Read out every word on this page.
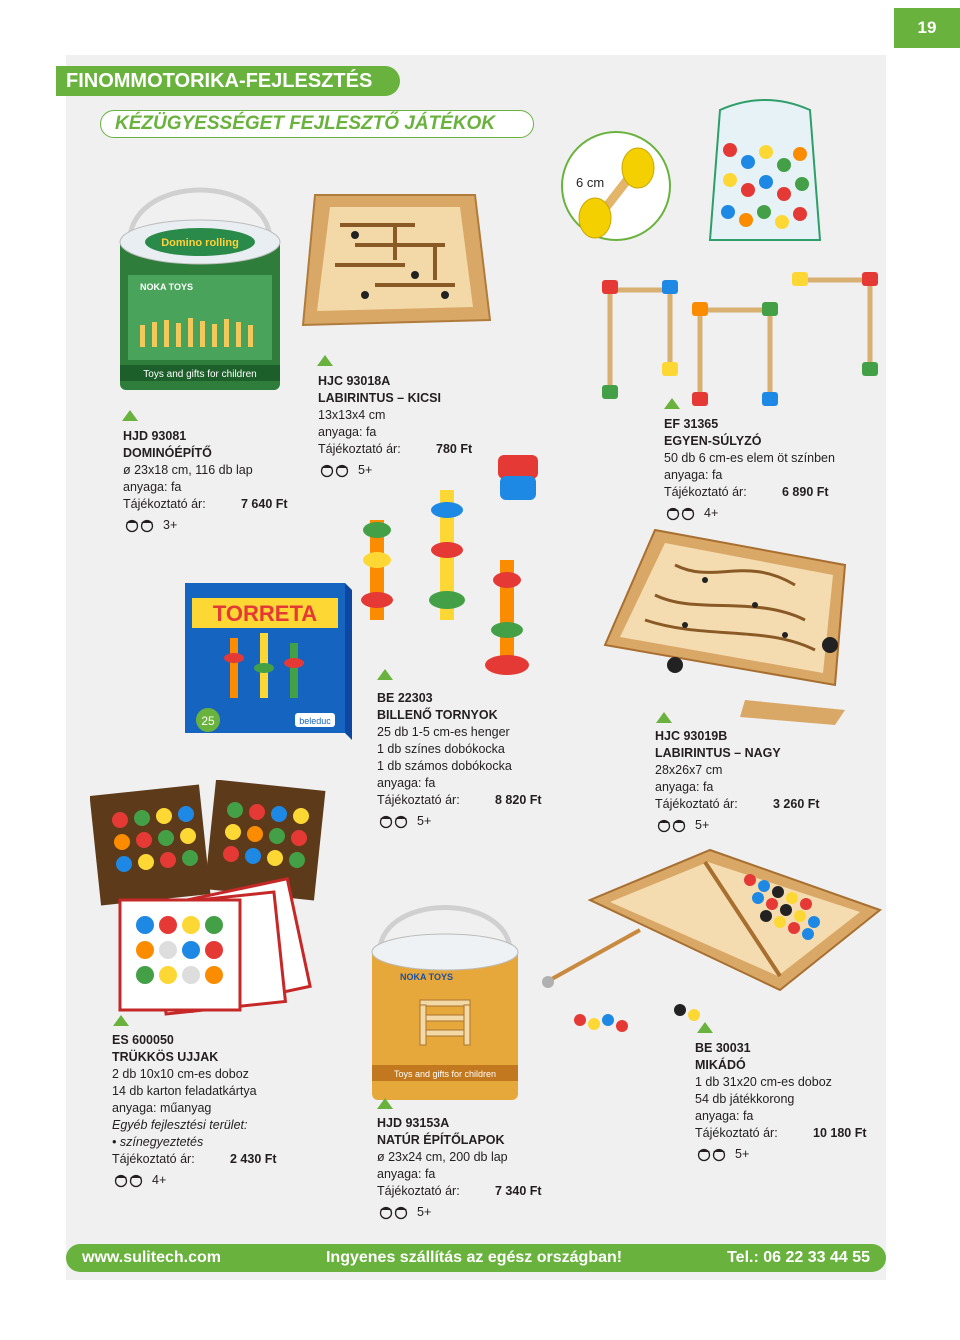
19
FINOMMOTORIKA-FEJLESZTÉS
KÉZÜGYESSÉGET FEJLESZTŐ JÁTÉKOK
Domino rolling
NOKA TOYS
Toys and gifts for children
6 cm
TORRETA
25	beleduc
NOKA TOYS
Toys and gifts for children
HJD 93081
DOMINÓÉPÍTŐ
ø 23x18 cm, 116 db lap
anyaga: fa
Tájékoztató ár:	7 640 Ft
3+
HJC 93018A
LABIRINTUS – KICSI
13x13x4 cm
anyaga: fa
Tájékoztató ár:	780 Ft
5+
EF 31365
EGYEN-SÚLYZÓ
50 db 6 cm-es elem öt színben
anyaga: fa
Tájékoztató ár:	6 890 Ft
4+
BE 22303
BILLENŐ TORNYOK
25 db 1-5 cm-es henger
1 db színes dobókocka
1 db számos dobókocka
anyaga: fa
Tájékoztató ár:	8 820 Ft
5+
HJC 93019B
LABIRINTUS – NAGY
28x26x7 cm
anyaga: fa
Tájékoztató ár:	3 260 Ft
5+
ES 600050
TRÜKKÖS UJJAK
2 db 10x10 cm-es doboz
14 db karton feladatkártya
anyaga: műanyag
Egyéb fejlesztési terület:
• színegyeztetés
Tájékoztató ár:	2 430 Ft
4+
HJD 93153A
NATÚR ÉPÍTŐLAPOK
ø 23x24 cm, 200 db lap
anyaga: fa
Tájékoztató ár:	7 340 Ft
5+
BE 30031
MIKÁDÓ
1 db 31x20 cm-es doboz
54 db játékkorong
anyaga: fa
Tájékoztató ár:	10 180 Ft
5+
www.sulitech.com	Ingyenes szállítás az egész országban!	Tel.: 06 22 33 44 55
